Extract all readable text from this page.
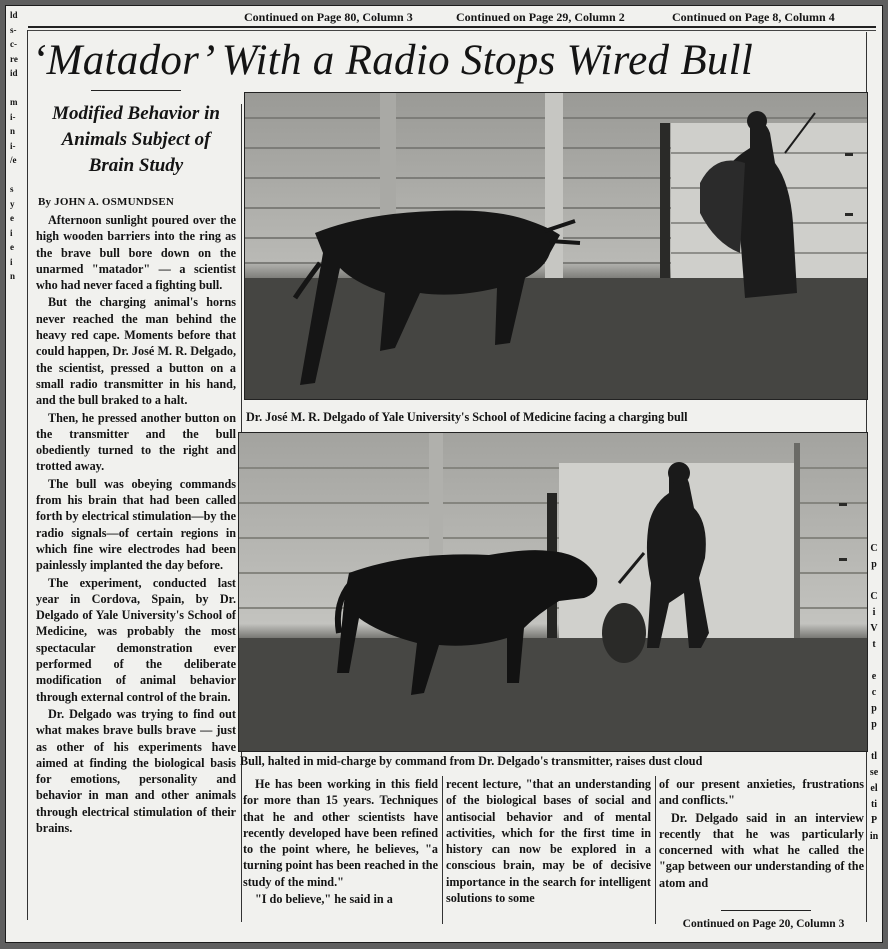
Continued on Page 80, Column 3	Continued on Page 29, Column 2	Continued on Page 8, Column 4
ld
s-
c-
re
id

m
i-
n
i-
/e

s
y
e
i
e
i
n
C
p

C
i
V
t

e
c
p
p

tl
se
el
ti
P
in
‘Matador’ With a Radio Stops Wired Bull
Modified Behavior in
Animals Subject of
Brain Study
By JOHN A. OSMUNDSEN

Afternoon sunlight poured over the high wooden barriers into the ring as the brave bull bore down on the unarmed "matador" — a scientist who had never faced a fighting bull.

But the charging animal's horns never reached the man behind the heavy red cape. Moments before that could happen, Dr. José M. R. Delgado, the scientist, pressed a button on a small radio transmitter in his hand, and the bull braked to a halt.

Then, he pressed another button on the transmitter and the bull obediently turned to the right and trotted away.

The bull was obeying commands from his brain that had been called forth by electrical stimulation—by the radio signals—of certain regions in which fine wire electrodes had been painlessly implanted the day before.

The experiment, conducted last year in Cordova, Spain, by Dr. Delgado of Yale University's School of Medicine, was probably the most spectacular demonstration ever performed of the deliberate modification of animal behavior through external control of the brain.

Dr. Delgado was trying to find out what makes brave bulls brave — just as other of his experiments have aimed at finding the biological basis for emotions, personality and behavior in man and other animals through electrical stimulation of their brains.

Dr. José M. R. Delgado of Yale University's School of Medicine facing a charging bull
Bull, halted in mid-charge by command from Dr. Delgado's transmitter, raises dust cloud

He has been working in this field for more than 15 years. Techniques that he and other scientists have recently developed have been refined to the point where, he believes, "a turning point has been reached in the study of the mind."

"I do believe," he said in a

recent lecture, "that an understanding of the biological bases of social and antisocial behavior and of mental activities, which for the first time in history can now be explored in a conscious brain, may be of decisive importance in the search for intelligent solutions to some

of our present anxieties, frustrations and conflicts."

Dr. Delgado said in an interview recently that he was particularly concerned with what he called the "gap between our understanding of the atom and

Continued on Page 20, Column 3
